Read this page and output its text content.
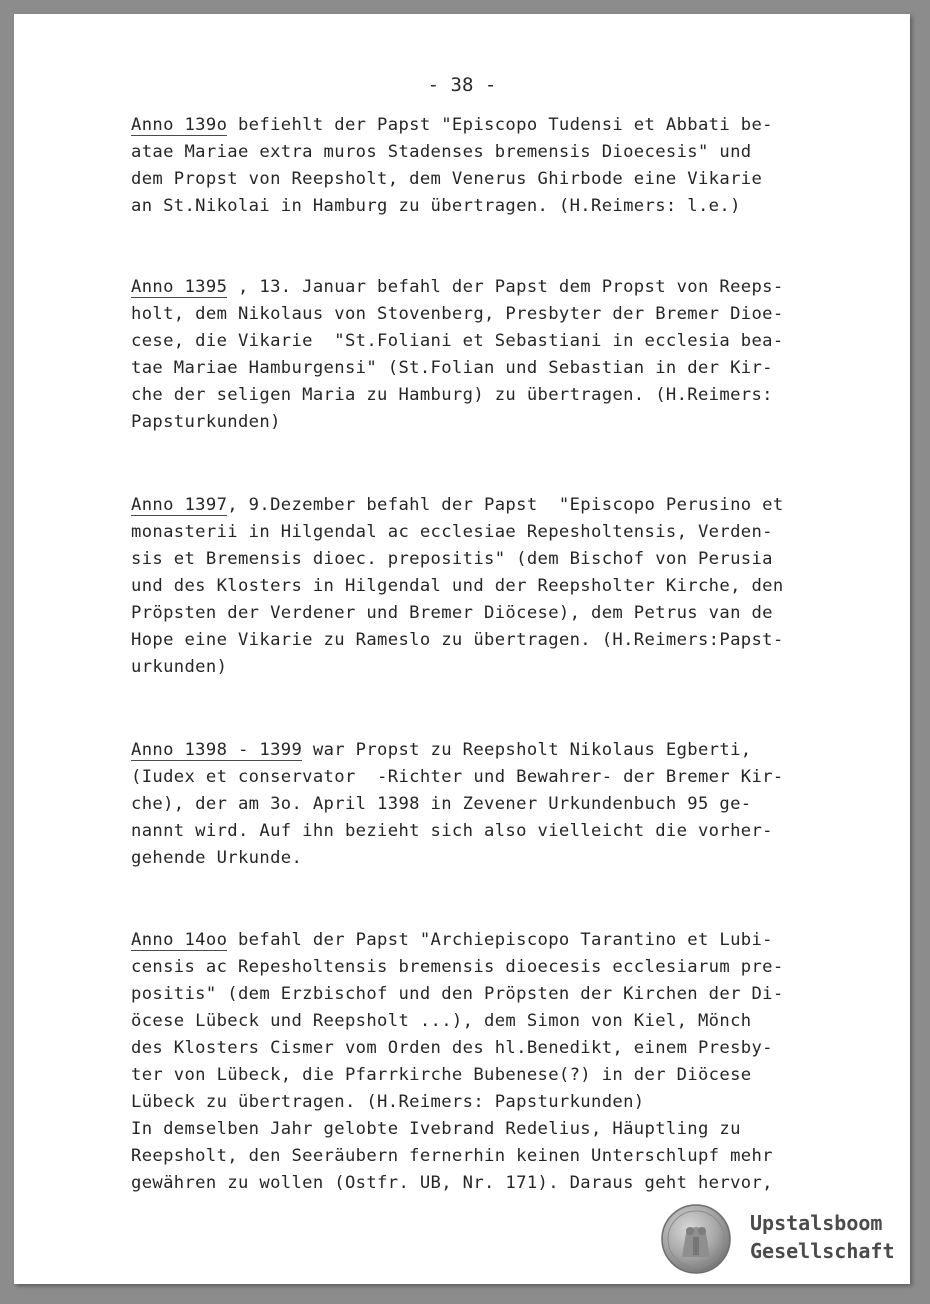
- 38 -
Anno 139o befiehlt der Papst "Episcopo Tudensi et Abbati be-
atae Mariae extra muros Stadenses bremensis Dioecesis" und
dem Propst von Reepsholt, dem Venerus Ghirbode eine Vikarie
an St.Nikolai in Hamburg zu übertragen. (H.Reimers: l.e.)
Anno 1395 , 13. Januar befahl der Papst dem Propst von Reeps-
holt, dem Nikolaus von Stovenberg, Presbyter der Bremer Dioe-
cese, die Vikarie  "St.Foliani et Sebastiani in ecclesia bea-
tae Mariae Hamburgensi" (St.Folian und Sebastian in der Kir-
che der seligen Maria zu Hamburg) zu übertragen. (H.Reimers:
Papsturkunden)
Anno 1397, 9.Dezember befahl der Papst  "Episcopo Perusino et
monasterii in Hilgendal ac ecclesiae Repesholtensis, Verden-
sis et Bremensis dioec. prepositis" (dem Bischof von Perusia
und des Klosters in Hilgendal und der Reepsholter Kirche, den
Pröpsten der Verdener und Bremer Diöcese), dem Petrus van de
Hope eine Vikarie zu Rameslo zu übertragen. (H.Reimers:Papst-
urkunden)
Anno 1398 - 1399 war Propst zu Reepsholt Nikolaus Egberti,
(Iudex et conservator  -Richter und Bewahrer- der Bremer Kir-
che), der am 3o. April 1398 in Zevener Urkundenbuch 95 ge-
nannt wird. Auf ihn bezieht sich also vielleicht die vorher-
gehende Urkunde.
Anno 14oo befahl der Papst "Archiepiscopo Tarantino et Lubi-
censis ac Repesholtensis bremensis dioecesis ecclesiarum pre-
positis" (dem Erzbischof und den Pröpsten der Kirchen der Di-
öcese Lübeck und Reepsholt ...), dem Simon von Kiel, Mönch
des Klosters Cismer vom Orden des hl.Benedikt, einem Presby-
ter von Lübeck, die Pfarrkirche Bubenese(?) in der Diöcese
Lübeck zu übertragen. (H.Reimers: Papsturkunden)
In demselben Jahr gelobte Ivebrand Redelius, Häuptling zu
Reepsholt, den Seeräubern fernerhin keinen Unterschlupf mehr
gewähren zu wollen (Ostfr. UB, Nr. 171). Daraus geht hervor,
Upstalsboom
Gesellschaft
